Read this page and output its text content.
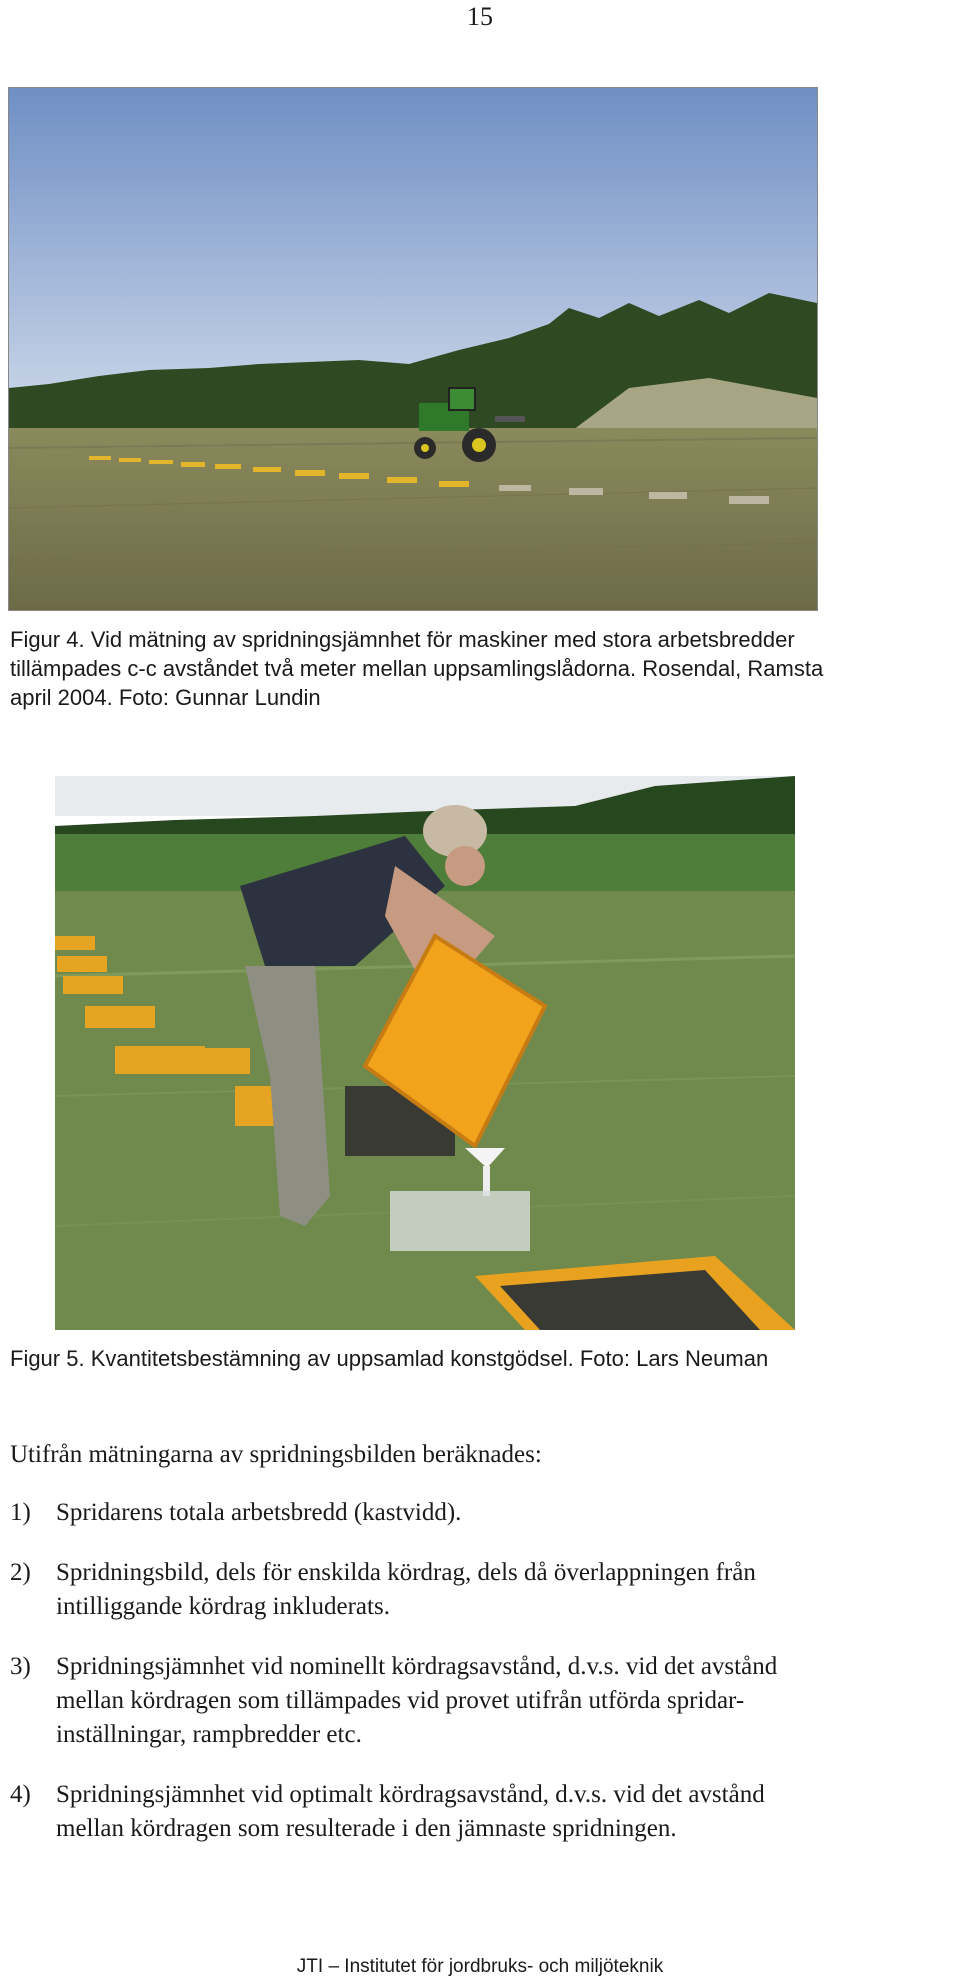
15
Figur 4. Vid mätning av spridningsjämnhet för maskiner med stora arbetsbredder
tillämpades c-c avståndet två meter mellan uppsamlingslådorna. Rosendal, Ramsta
april 2004. Foto: Gunnar Lundin
Figur 5. Kvantitetsbestämning av uppsamlad konstgödsel. Foto: Lars Neuman
Utifrån mätningarna av spridningsbilden beräknades:
1) Spridarens totala arbetsbredd (kastvidd).
2) Spridningsbild, dels för enskilda kördrag, dels då överlappningen från
intilliggande kördrag inkluderats.
3) Spridningsjämnhet vid nominellt kördragsavstånd, d.v.s. vid det avstånd
mellan kördragen som tillämpades vid provet utifrån utförda spridar-
inställningar, rampbredder etc.
4) Spridningsjämnhet vid optimalt kördragsavstånd, d.v.s. vid det avstånd
mellan kördragen som resulterade i den jämnaste spridningen.
JTI – Institutet för jordbruks- och miljöteknik
